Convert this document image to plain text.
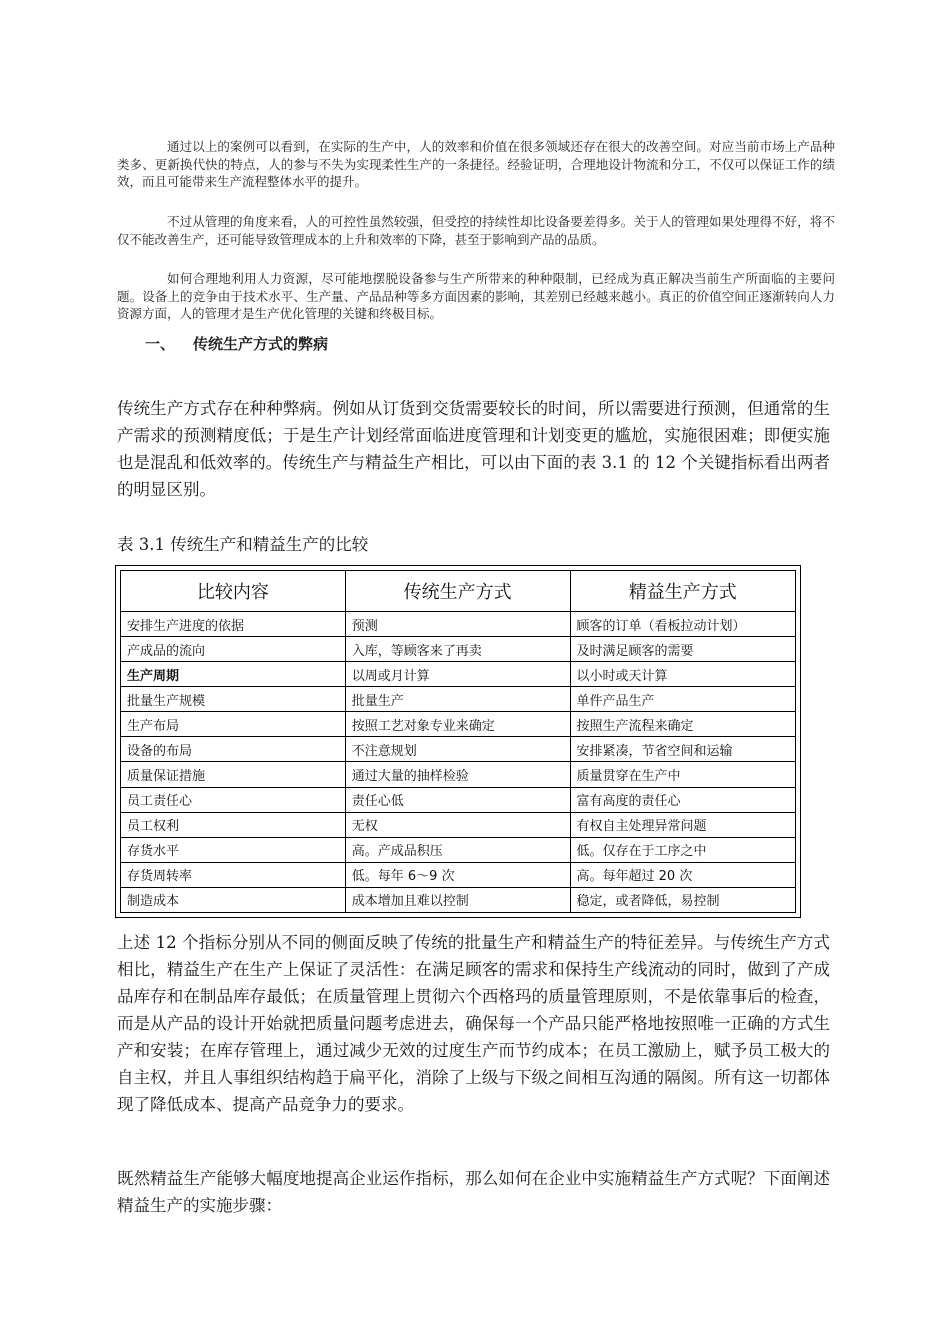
通过以上的案例可以看到，在实际的生产中，人的效率和价值在很多领域还存在很大的改善空间。对应当前市场上产品种类多、更新换代快的特点，人的参与不失为实现柔性生产的一条捷径。经验证明，合理地设计物流和分工，不仅可以保证工作的绩效，而且可能带来生产流程整体水平的提升。

不过从管理的角度来看，人的可控性虽然较强，但受控的持续性却比设备要差得多。关于人的管理如果处理得不好，将不仅不能改善生产，还可能导致管理成本的上升和效率的下降，甚至于影响到产品的品质。

如何合理地利用人力资源，尽可能地摆脱设备参与生产所带来的种种限制，已经成为真正解决当前生产所面临的主要问题。设备上的竞争由于技术水平、生产量、产品品种等多方面因素的影响，其差别已经越来越小。真正的价值空间正逐渐转向人力资源方面，人的管理才是生产优化管理的关键和终极目标。

一、 传统生产方式的弊病

传统生产方式存在种种弊病。例如从订货到交货需要较长的时间，所以需要进行预测，但通常的生产需求的预测精度低；于是生产计划经常面临进度管理和计划变更的尴尬，实施很困难；即便实施也是混乱和低效率的。传统生产与精益生产相比，可以由下面的表 3.1 的 12 个关键指标看出两者的明显区别。

表 3.1 传统生产和精益生产的比较

比较内容	传统生产方式	精益生产方式
安排生产进度的依据	预测	顾客的订单（看板拉动计划）
产成品的流向	入库，等顾客来了再卖	及时满足顾客的需要
生产周期	以周或月计算	以小时或天计算
批量生产规模	批量生产	单件产品生产
生产布局	按照工艺对象专业来确定	按照生产流程来确定
设备的布局	不注意规划	安排紧凑，节省空间和运输
质量保证措施	通过大量的抽样检验	质量贯穿在生产中
员工责任心	责任心低	富有高度的责任心
员工权利	无权	有权自主处理异常问题
存货水平	高。产成品积压	低。仅存在于工序之中
存货周转率	低。每年 6～9 次	高。每年超过 20 次
制造成本	成本增加且难以控制	稳定，或者降低，易控制

上述 12 个指标分别从不同的侧面反映了传统的批量生产和精益生产的特征差异。与传统生产方式相比，精益生产在生产上保证了灵活性：在满足顾客的需求和保持生产线流动的同时，做到了产成品库存和在制品库存最低；在质量管理上贯彻六个西格玛的质量管理原则，不是依靠事后的检查，而是从产品的设计开始就把质量问题考虑进去，确保每一个产品只能严格地按照唯一正确的方式生产和安装；在库存管理上，通过减少无效的过度生产而节约成本；在员工激励上，赋予员工极大的自主权，并且人事组织结构趋于扁平化，消除了上级与下级之间相互沟通的隔阂。所有这一切都体现了降低成本、提高产品竞争力的要求。

既然精益生产能够大幅度地提高企业运作指标，那么如何在企业中实施精益生产方式呢？下面阐述精益生产的实施步骤：
